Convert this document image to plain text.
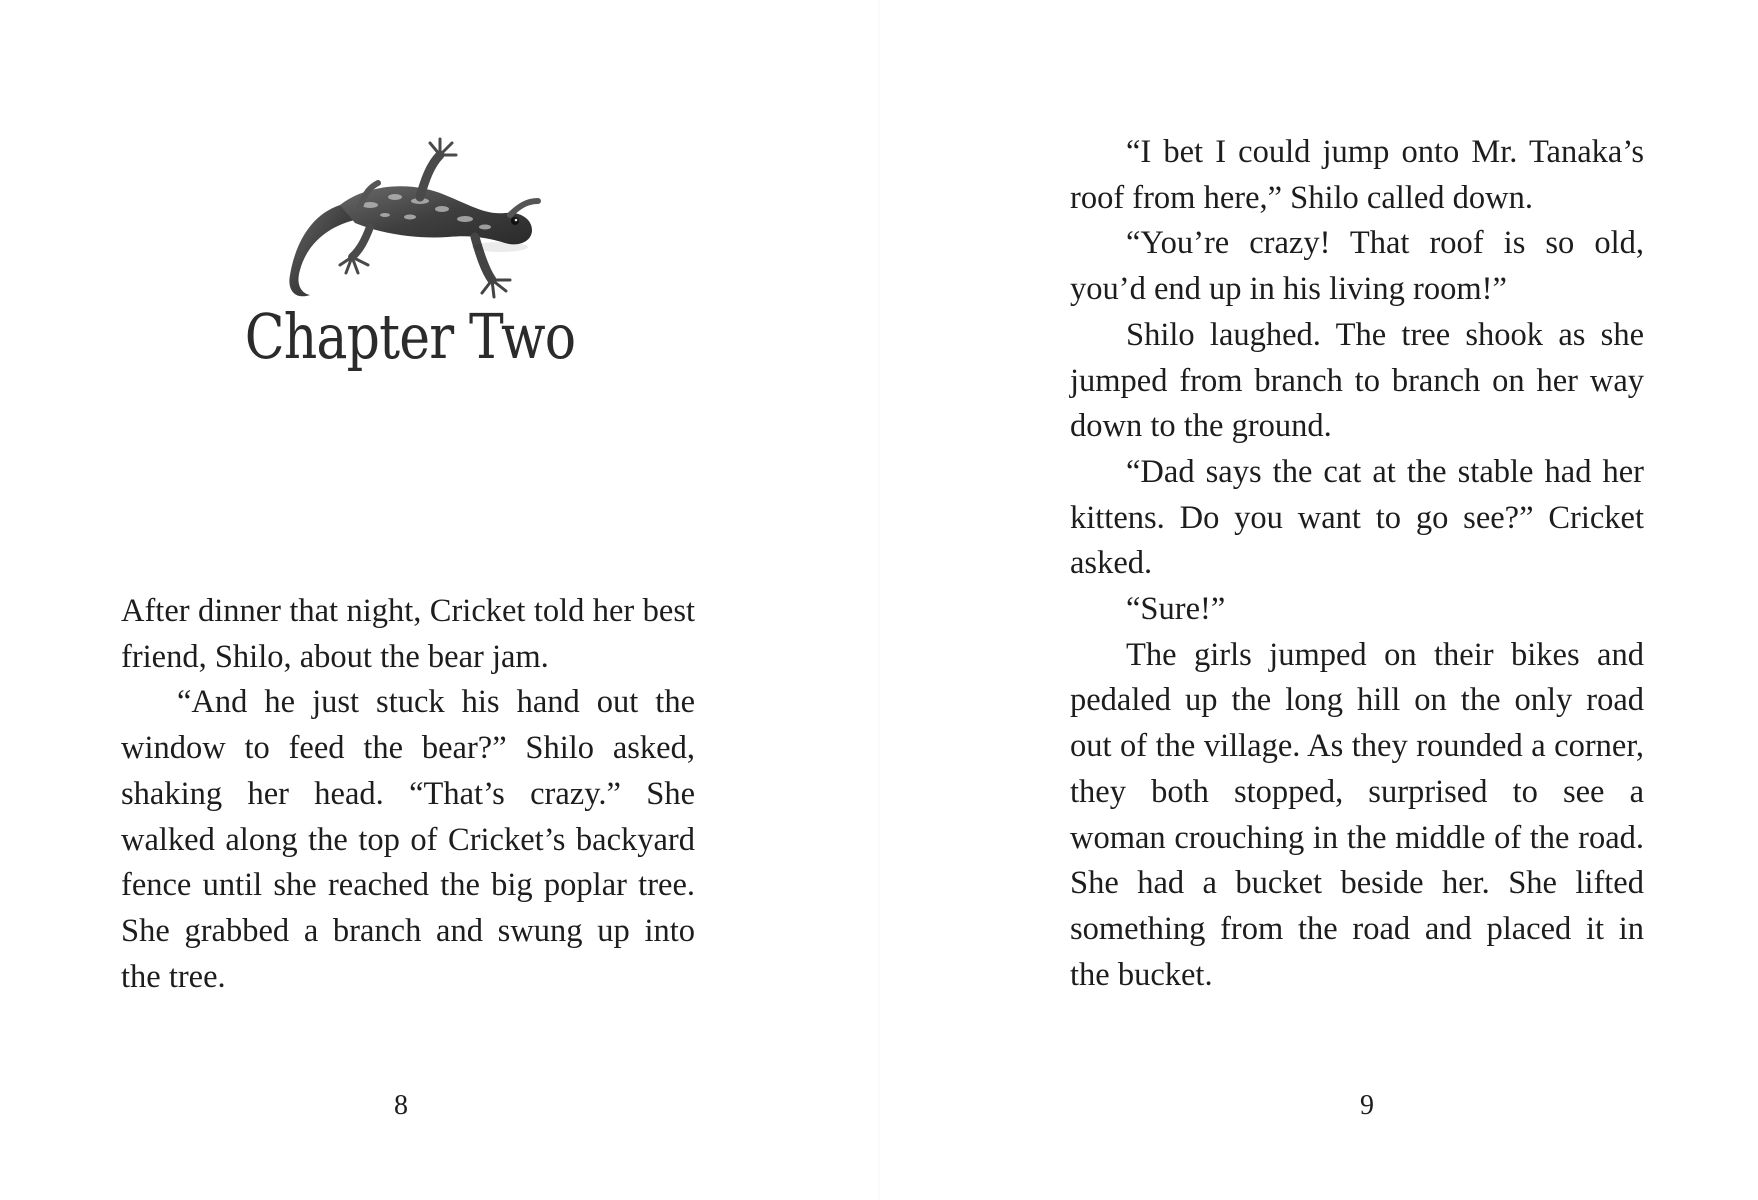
Chapter Two

After dinner that night, Cricket told her best friend, Shilo, about the bear jam.

“And he just stuck his hand out the window to feed the bear?” Shilo asked, shaking her head. “That’s crazy.” She walked along the top of Cricket’s backyard fence until she reached the big poplar tree. She grabbed a branch and swung up into the tree.

8

“I bet I could jump onto Mr. Tanaka’s roof from here,” Shilo called down.

“You’re crazy! That roof is so old, you’d end up in his living room!”

Shilo laughed. The tree shook as she jumped from branch to branch on her way down to the ground.

“Dad says the cat at the stable had her kittens. Do you want to go see?” Cricket asked.

“Sure!”

The girls jumped on their bikes and pedaled up the long hill on the only road out of the village. As they rounded a corner, they both stopped, surprised to see a woman crouching in the middle of the road. She had a bucket beside her. She lifted something from the road and placed it in the bucket.

9
